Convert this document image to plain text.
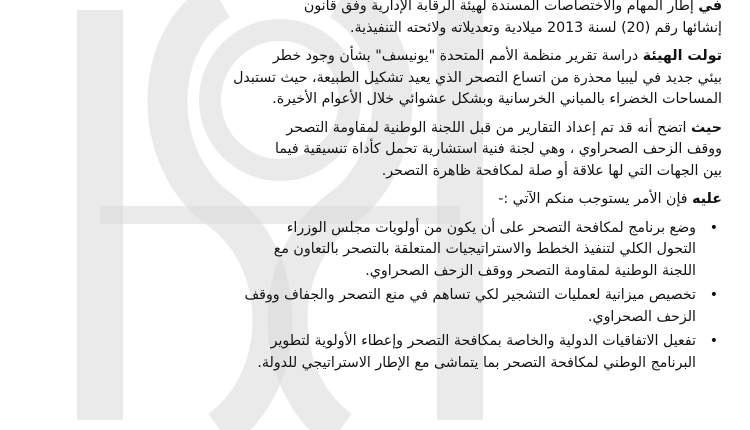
في إطار المهام والاختصاصات المسندة لهيئة الرقابة الإدارية وفق قانون
إنشائها رقم (20) لسنة 2013 ميلادية وتعديلاته ولائحته التنفيذية.
تولت الهيئة دراسة تقرير منظمة الأمم المتحدة "يونيسف" بشأن وجود خطر
بيئي جديد في ليبيا محذرة من اتساع التصحر الذي يعيد تشكيل الطبيعة، حيث تستبدل
المساحات الخضراء بالمباني الخرسانية وبشكل عشوائي خلال الأعوام الأخيرة.
حيث اتضح أنه قد تم إعداد التقارير من قبل اللجنة الوطنية لمقاومة التصحر
ووقف الزحف الصحراوي ، وهي لجنة فنية استشارية تحمل كأداة تنسيقية فيما
بين الجهات التي لها علاقة أو صلة لمكافحة ظاهرة التصحر.
عليه فإن الأمر يستوجب منكم الآتي :-
•
وضع برنامج لمكافحة التصحر على أن يكون من أولويات مجلس الوزراء
التحول الكلي لتنفيذ الخطط والاستراتيجيات المتعلقة بالتصحر بالتعاون مع
اللجنة الوطنية لمقاومة التصحر ووقف الزحف الصحراوي.
•
تخصيص ميزانية لعمليات التشجير لكي تساهم في منع التصحر والجفاف ووقف
الزحف الصحراوي.
•
تفعيل الاتفاقيات الدولية والخاصة بمكافحة التصحر وإعطاء الأولوية لتطوير
البرنامج الوطني لمكافحة التصحر بما يتماشى مع الإطار الاستراتيجي للدولة.
